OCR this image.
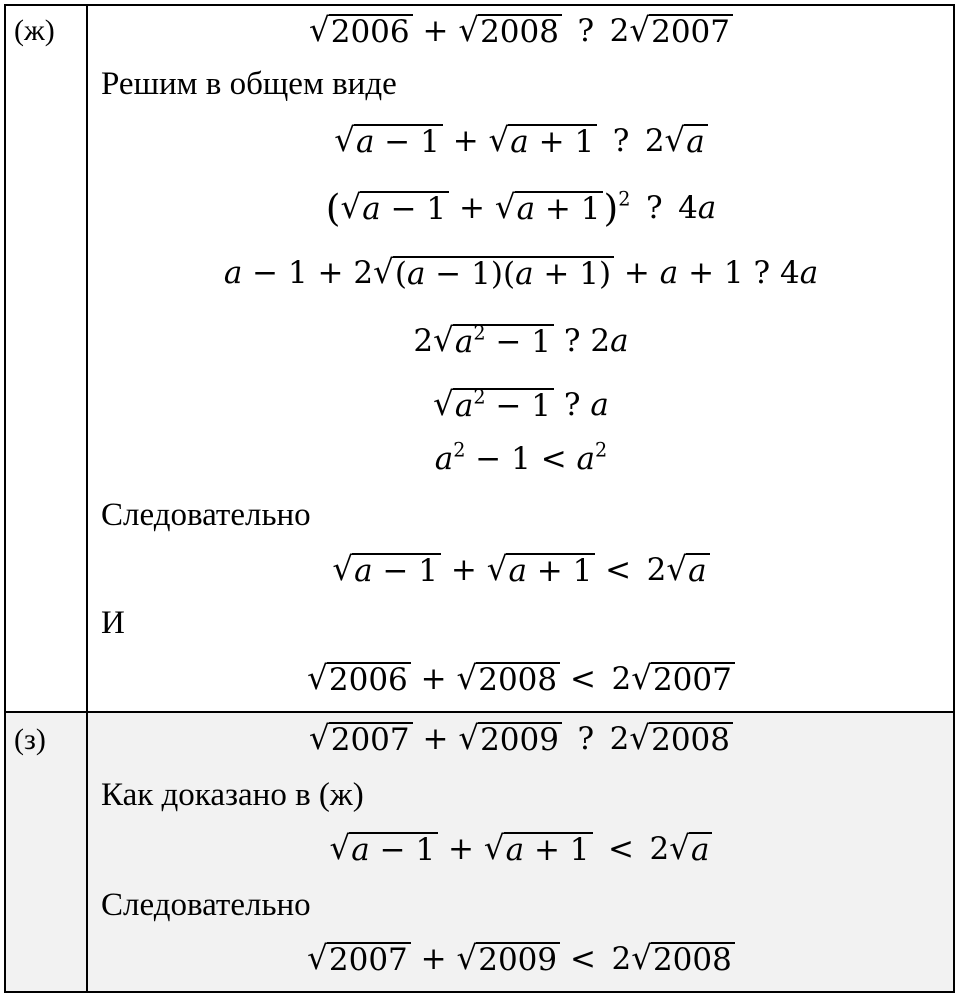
(ж)	√ 2006 + √ 2008 ? 2 √ 2007
Решим в общем виде
√ a − 1 + √ a + 1 ? 2 √ a
( √ a − 1 + √ a + 1 )$^2$ ? 4a
a − 1 + 2 √ (a − 1)(a + 1) + a + 1 ? 4a
2 √ $a^2 - 1$ ? 2a
√ $a^2 - 1$ ? a
$a^2 - 1 < a^2$
Следовательно
√ a − 1 + √ a + 1 < 2 √ a
И
√ 2006 + √ 2008 < 2 √ 2007
(з)	√ 2007 + √ 2009 ? 2 √ 2008
Как доказано в (ж)
√ a − 1 + √ a + 1 < 2 √ a
Следовательно
√ 2007 + √ 2009 < 2 √ 2008
